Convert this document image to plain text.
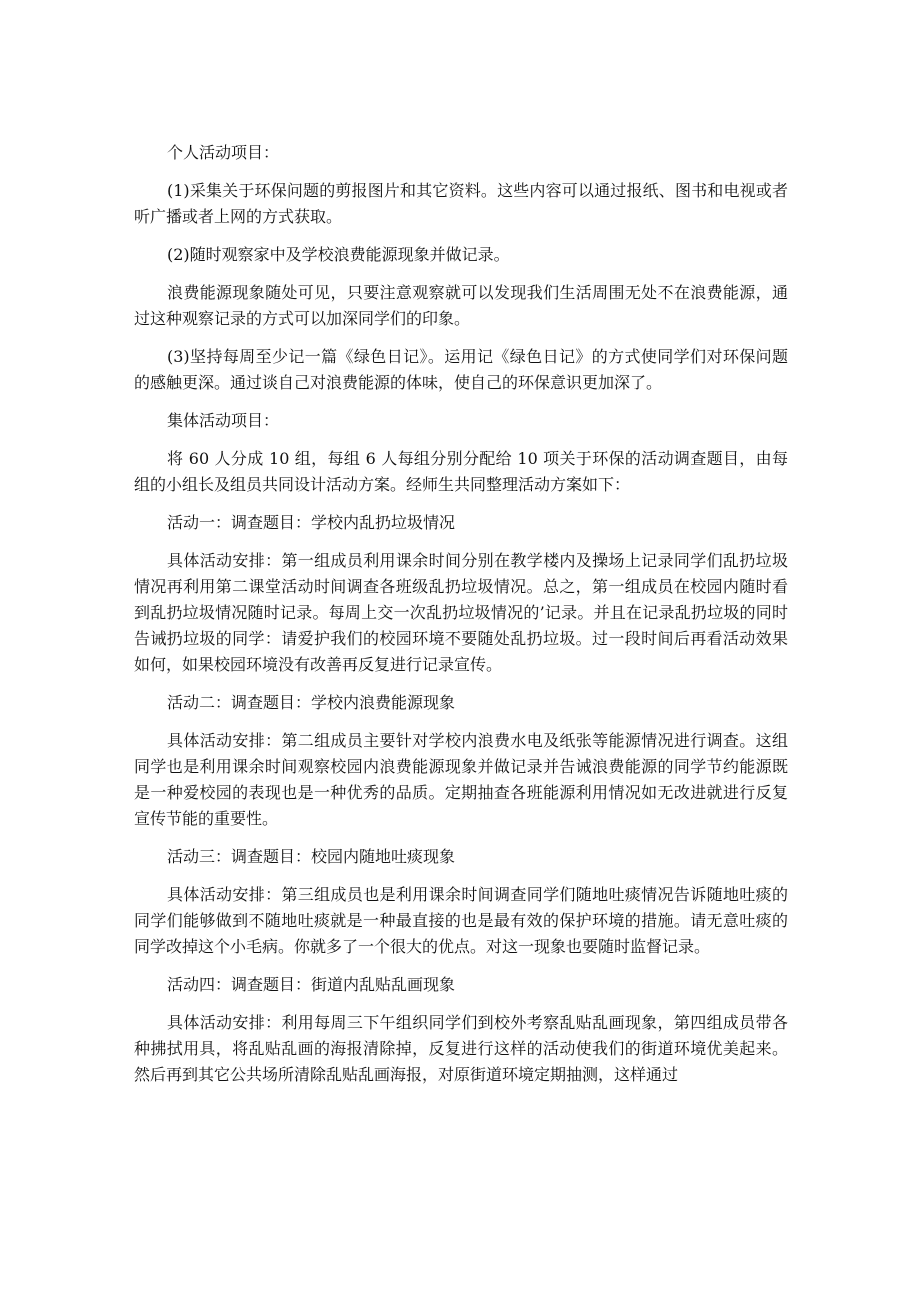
个人活动项目：

(1)采集关于环保问题的剪报图片和其它资料。这些内容可以通过报纸、图书和电视或者听广播或者上网的方式获取。

(2)随时观察家中及学校浪费能源现象并做记录。

浪费能源现象随处可见，只要注意观察就可以发现我们生活周围无处不在浪费能源，通过这种观察记录的方式可以加深同学们的印象。

(3)坚持每周至少记一篇《绿色日记》。运用记《绿色日记》的方式使同学们对环保问题的感触更深。通过谈自己对浪费能源的体味，使自己的环保意识更加深了。

集体活动项目：

将 60 人分成 10 组，每组 6 人每组分别分配给 10 项关于环保的活动调查题目，由每组的小组长及组员共同设计活动方案。经师生共同整理活动方案如下：

活动一：调查题目：学校内乱扔垃圾情况

具体活动安排：第一组成员利用课余时间分别在教学楼内及操场上记录同学们乱扔垃圾情况再利用第二课堂活动时间调查各班级乱扔垃圾情况。总之，第一组成员在校园内随时看到乱扔垃圾情况随时记录。每周上交一次乱扔垃圾情况的’记录。并且在记录乱扔垃圾的同时告诫扔垃圾的同学：请爱护我们的校园环境不要随处乱扔垃圾。过一段时间后再看活动效果如何，如果校园环境没有改善再反复进行记录宣传。

活动二：调查题目：学校内浪费能源现象

具体活动安排：第二组成员主要针对学校内浪费水电及纸张等能源情况进行调查。这组同学也是利用课余时间观察校园内浪费能源现象并做记录并告诫浪费能源的同学节约能源既是一种爱校园的表现也是一种优秀的品质。定期抽查各班能源利用情况如无改进就进行反复宣传节能的重要性。

活动三：调查题目：校园内随地吐痰现象

具体活动安排：第三组成员也是利用课余时间调查同学们随地吐痰情况告诉随地吐痰的同学们能够做到不随地吐痰就是一种最直接的也是最有效的保护环境的措施。请无意吐痰的同学改掉这个小毛病。你就多了一个很大的优点。对这一现象也要随时监督记录。

活动四：调查题目：街道内乱贴乱画现象

具体活动安排：利用每周三下午组织同学们到校外考察乱贴乱画现象，第四组成员带各种拂拭用具，将乱贴乱画的海报清除掉，反复进行这样的活动使我们的街道环境优美起来。然后再到其它公共场所清除乱贴乱画海报，对原街道环境定期抽测，这样通过
